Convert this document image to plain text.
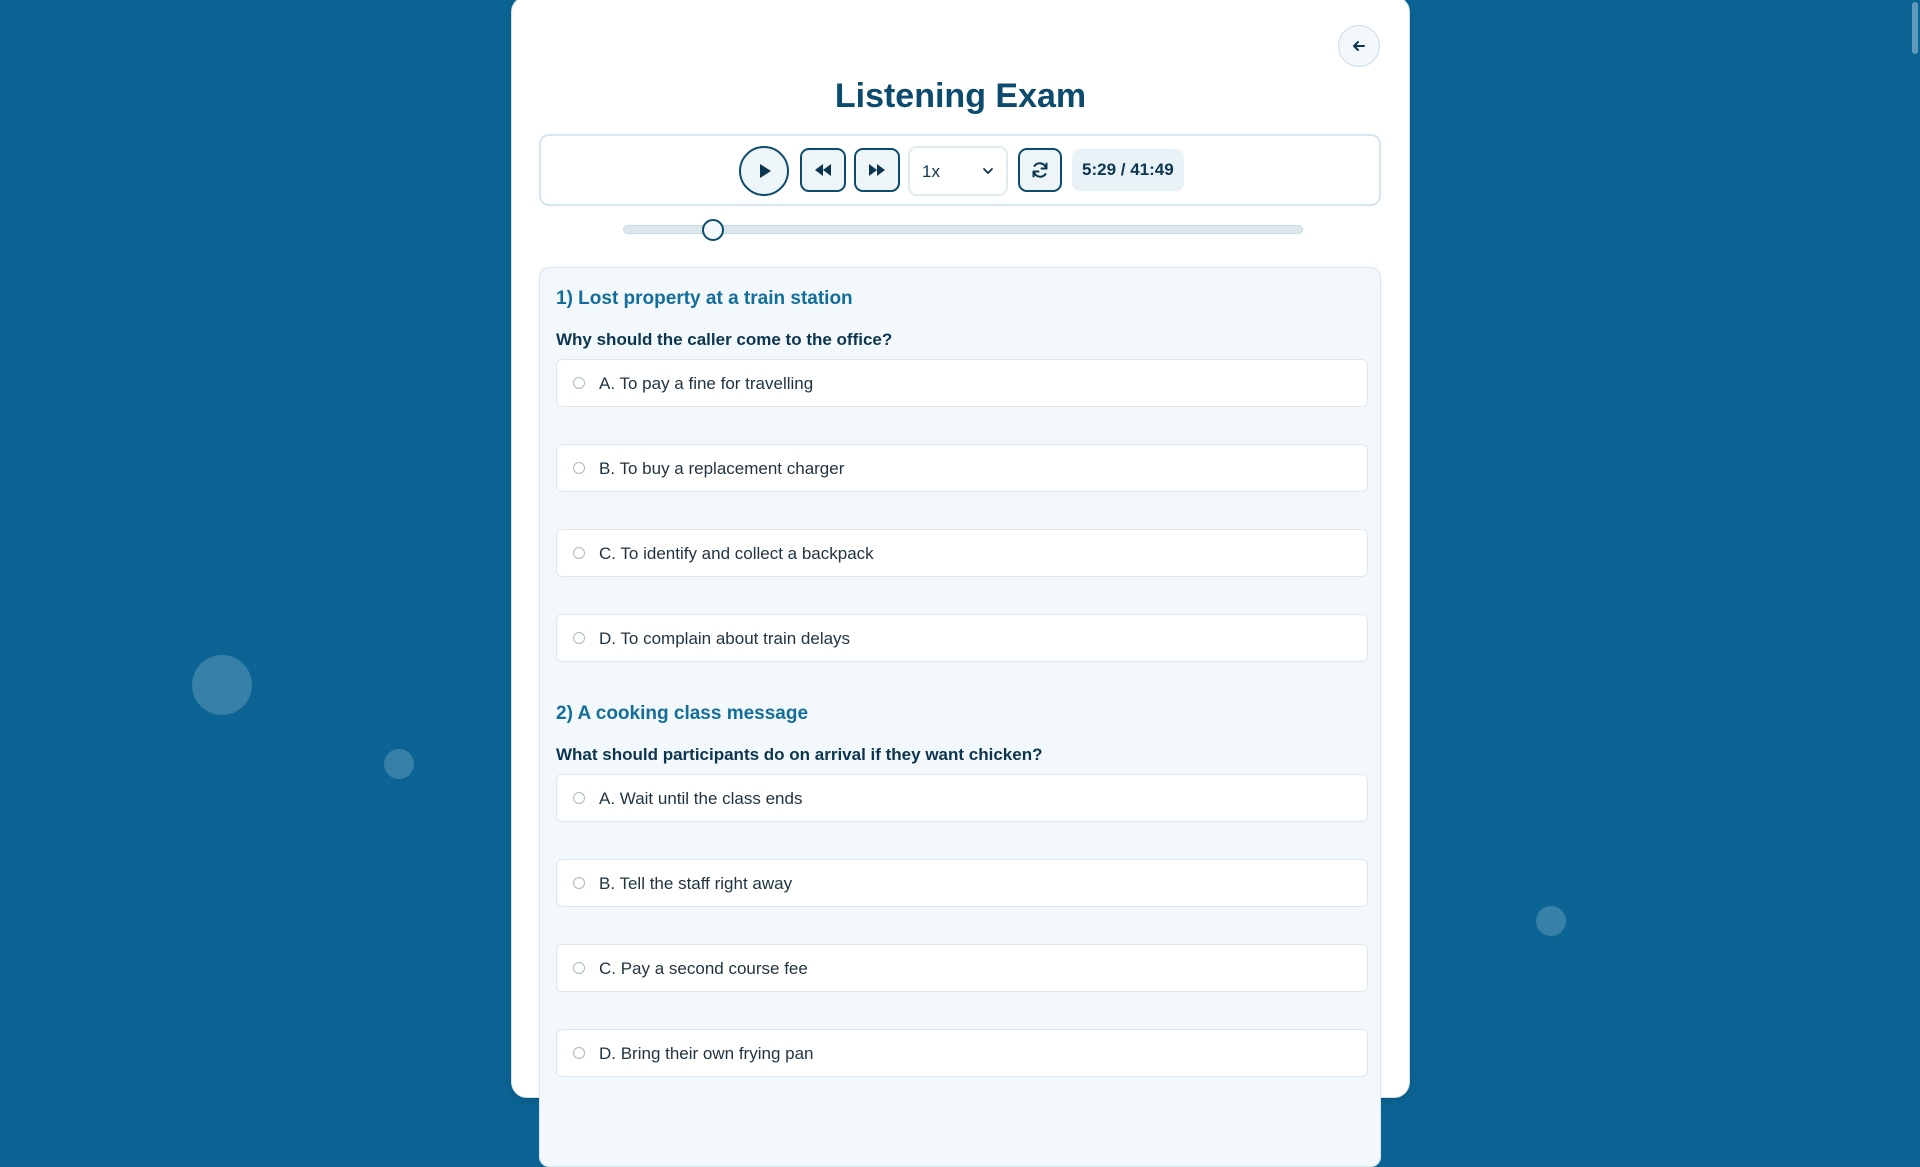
Listening Exam
1x	5:29 / 41:49
1) Lost property at a train station
Why should the caller come to the office?
A. To pay a fine for travelling
B. To buy a replacement charger
C. To identify and collect a backpack
D. To complain about train delays
2) A cooking class message
What should participants do on arrival if they want chicken?
A. Wait until the class ends
B. Tell the staff right away
C. Pay a second course fee
D. Bring their own frying pan
